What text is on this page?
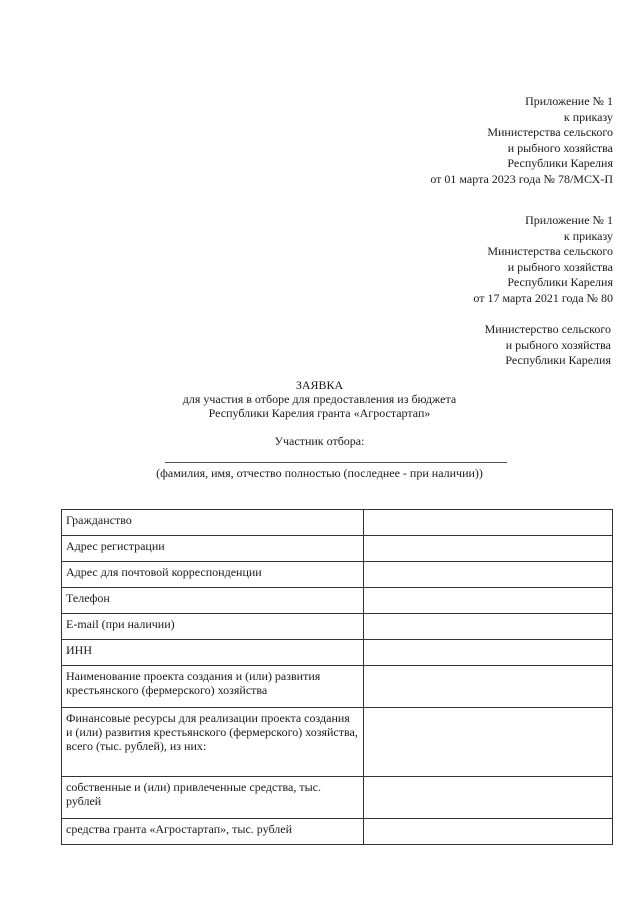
Приложение № 1
к приказу
Министерства сельского
и рыбного хозяйства
Республики Карелия
от 01 марта 2023 года № 78/МСХ-П
Приложение № 1
к приказу
Министерства сельского
и рыбного хозяйства
Республики Карелия
от 17 марта 2021 года № 80
Министерство сельского
и рыбного хозяйства
Республики Карелия
ЗАЯВКА
для участия в отборе для предоставления из бюджета
Республики Карелия гранта «Агростартап»
Участник отбора:
(фамилия, имя, отчество полностью (последнее - при наличии))
Гражданство	
Адрес регистрации	
Адрес для почтовой корреспонденции	
Телефон	
E-mail (при наличии)	
ИНН	
Наименование проекта создания и (или) развития крестьянского (фермерского) хозяйства	
Финансовые ресурсы для реализации проекта создания и (или) развития крестьянского (фермерского) хозяйства, всего (тыс. рублей), из них:	
собственные и (или) привлеченные средства, тыс. рублей	
средства гранта «Агростартап», тыс. рублей	
